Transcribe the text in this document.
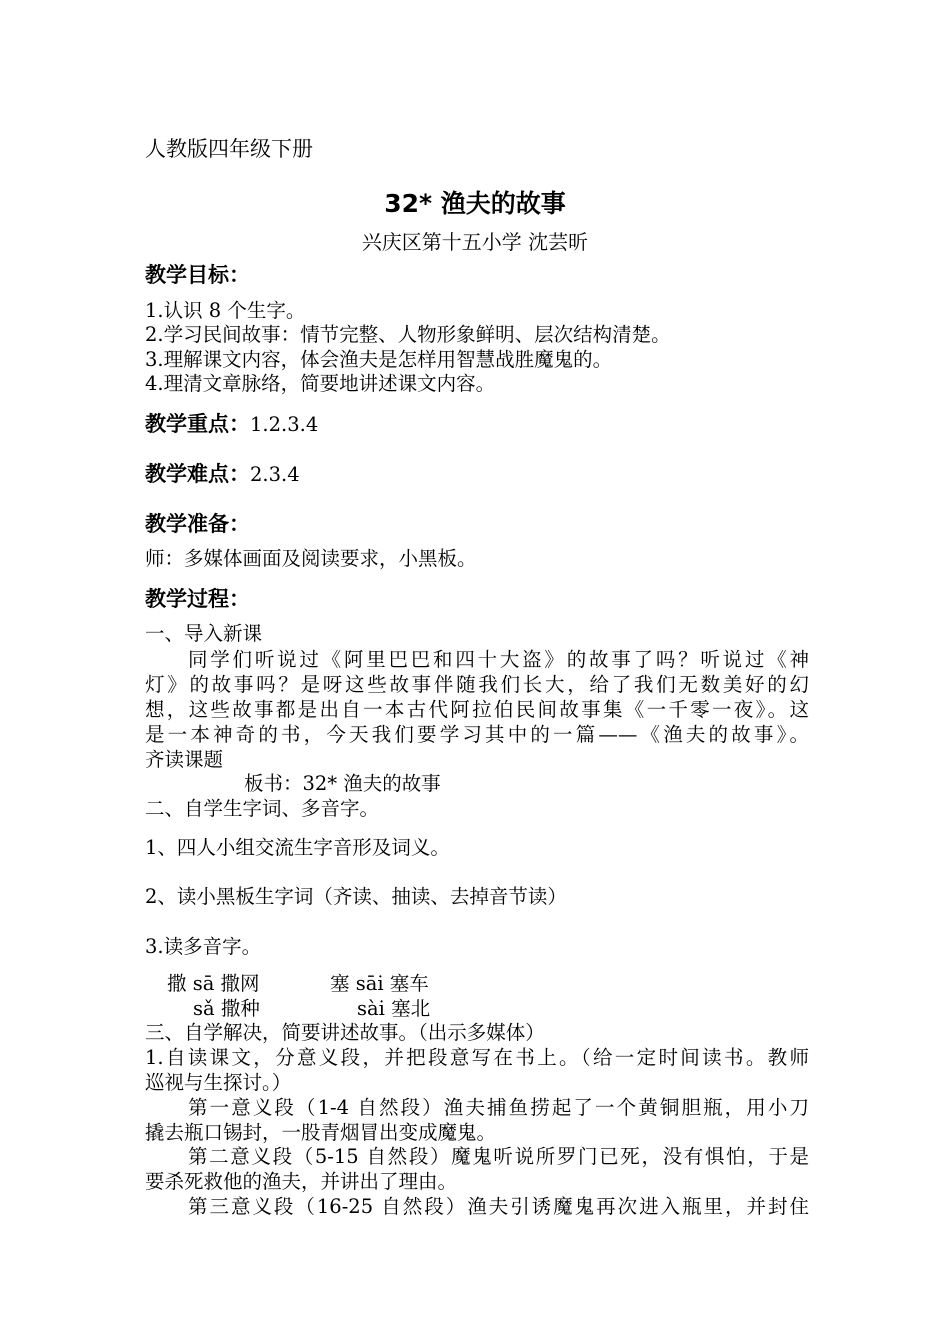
人教版四年级下册
32* 渔夫的故事
兴庆区第十五小学 沈芸昕
教学目标：
1.认识 8 个生字。
2.学习民间故事：情节完整、人物形象鲜明、层次结构清楚。
3.理解课文内容，体会渔夫是怎样用智慧战胜魔鬼的。
4.理清文章脉络，简要地讲述课文内容。
教学重点：1.2.3.4
教学难点：2.3.4
教学准备：
师：多媒体画面及阅读要求，小黑板。
教学过程：
一、导入新课
同学们听说过《阿里巴巴和四十大盗》的故事了吗？听说过《神
灯》的故事吗？是呀这些故事伴随我们长大，给了我们无数美好的幻
想，这些故事都是出自一本古代阿拉伯民间故事集《一千零一夜》。这
是一本神奇的书，今天我们要学习其中的一篇——《渔夫的故事》。
齐读课题
板书：32* 渔夫的故事
二、自学生字词、多音字。
1、四人小组交流生字音形及词义。
2、读小黑板生字词（齐读、抽读、去掉音节读）
3.读多音字。
撒 sā 撒网
sǎ 撒种
塞 sāi 塞车
sài 塞北
三、自学解决，简要讲述故事。（出示多媒体）
1.自读课文，分意义段，并把段意写在书上。（给一定时间读书。教师
巡视与生探讨。）
第一意义段（1-4 自然段）渔夫捕鱼捞起了一个黄铜胆瓶，用小刀
撬去瓶口锡封，一股青烟冒出变成魔鬼。
第二意义段（5-15 自然段）魔鬼听说所罗门已死，没有惧怕，于是
要杀死救他的渔夫，并讲出了理由。
第三意义段（16-25 自然段）渔夫引诱魔鬼再次进入瓶里，并封住
